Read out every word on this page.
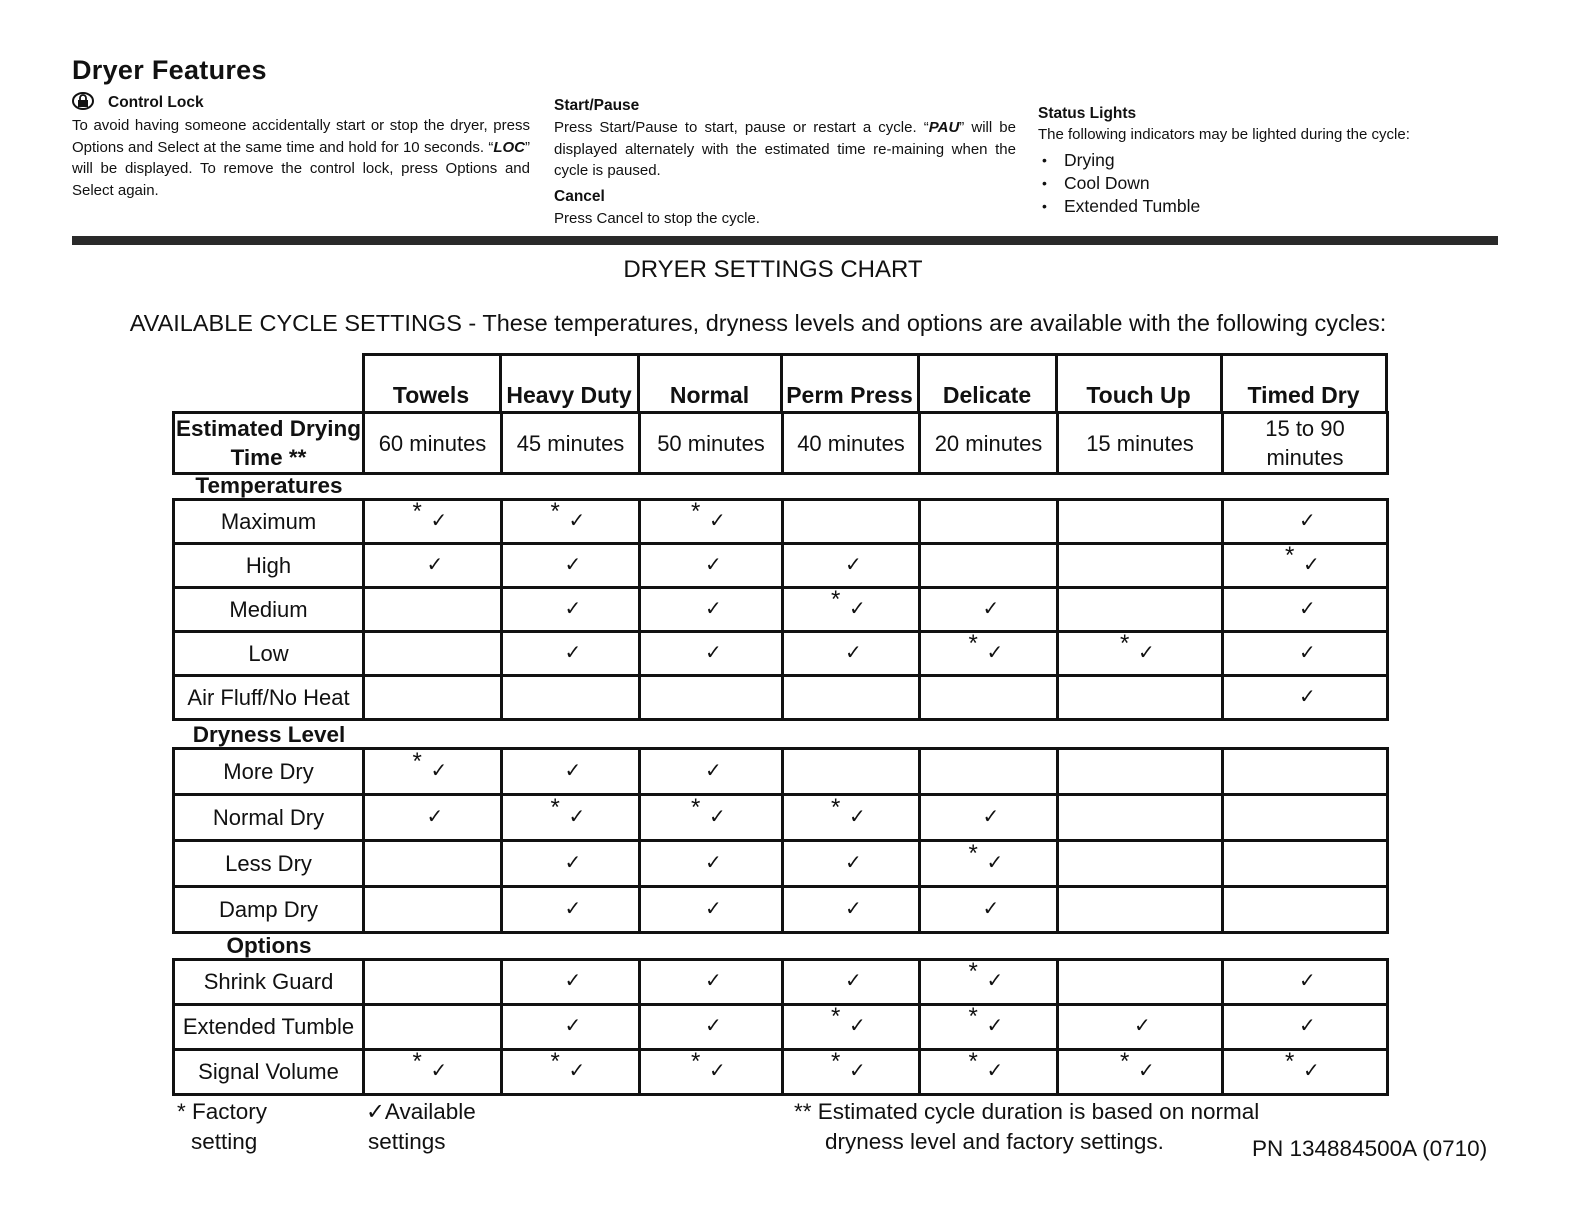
Dryer Features
Control Lock
To avoid having someone accidentally start or stop the dryer, press Options and Select at the same time and hold for 10 seconds. “LOC” will be displayed. To remove the control lock, press Options and Select again.
Start/Pause
Press Start/Pause to start, pause or restart a cycle. “PAU” will be displayed alternately with the estimated time re-maining when the cycle is paused.
Cancel
Press Cancel to stop the cycle.
Status Lights
The following indicators may be lighted during the cycle:
• Drying
• Cool Down
• Extended Tumble
DRYER SETTINGS CHART
AVAILABLE CYCLE SETTINGS - These temperatures, dryness levels and options are available with the following cycles:
Towels	Heavy Duty	Normal	Perm Press	Delicate	Touch Up	Timed Dry
Estimated Drying Time **	60 minutes	45 minutes	50 minutes	40 minutes	20 minutes	15 minutes	15 to 90 minutes
Temperatures
Maximum	* ✓	* ✓	* ✓				✓

High	✓	✓	✓	✓			* ✓

Medium		✓	✓	* ✓	✓		✓

Low		✓	✓	✓	* ✓	* ✓	✓

Air Fluff/No Heat							✓
Dryness Level
More Dry	* ✓	✓	✓				

Normal Dry	✓	* ✓	* ✓	* ✓	✓		

Less Dry		✓	✓	✓	* ✓		

Damp Dry		✓	✓	✓	✓		

Options
Shrink Guard		✓	✓	✓	* ✓		✓

Extended Tumble		✓	✓	* ✓	* ✓	✓	✓

Signal Volume	* ✓	* ✓	* ✓	* ✓	* ✓	* ✓	* ✓
* Factory
setting
✓Available
settings
** Estimated cycle duration is based on normal
dryness level and factory settings.	PN 134884500A (0710)
